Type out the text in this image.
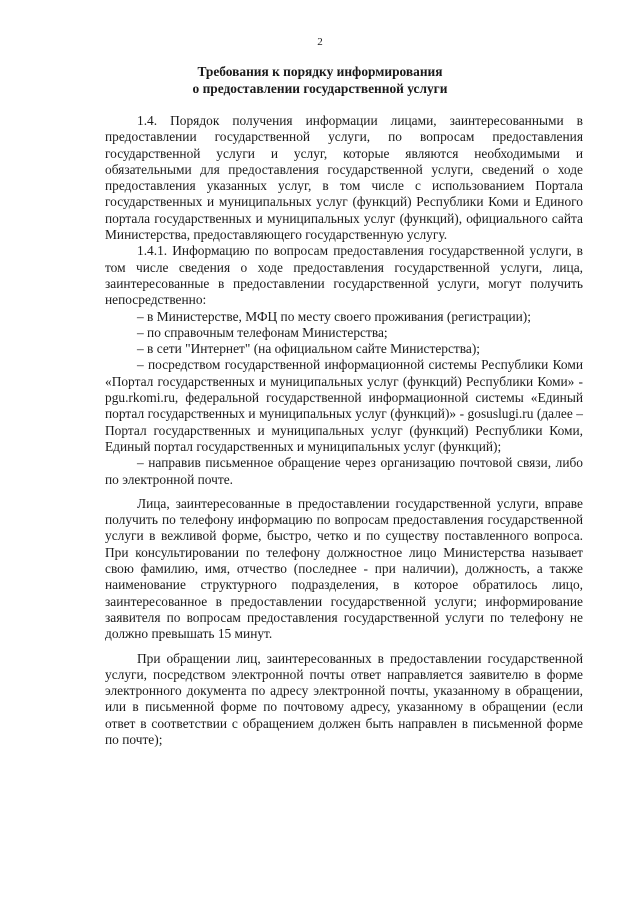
2
Требования к порядку информирования
о предоставлении государственной услуги

1.4. Порядок получения информации лицами, заинтересованными в предоставлении государственной услуги, по вопросам предоставления государственной услуги и услуг, которые являются необходимыми и обязательными для предоставления государственной услуги, сведений о ходе предоставления указанных услуг, в том числе с использованием Портала государственных и муниципальных услуг (функций) Республики Коми и Единого портала государственных и муниципальных услуг (функций), официального сайта Министерства, предоставляющего государственную услугу.

1.4.1. Информацию по вопросам предоставления государственной услуги, в том числе сведения о ходе предоставления государственной услуги, лица, заинтересованные в предоставлении государственной услуги, могут получить непосредственно:

– в Министерстве, МФЦ по месту своего проживания (регистрации);

– по справочным телефонам Министерства;

– в сети "Интернет" (на официальном сайте Министерства);

– посредством государственной информационной системы Республики Коми «Портал государственных и муниципальных услуг (функций) Республики Коми» - pgu.rkomi.ru, федеральной государственной информационной системы «Единый портал государственных и муниципальных услуг (функций)» - gosuslugi.ru (далее – Портал государственных и муниципальных услуг (функций) Республики Коми, Единый портал государственных и муниципальных услуг (функций);

– направив письменное обращение через организацию почтовой связи, либо по электронной почте.

Лица, заинтересованные в предоставлении государственной услуги, вправе получить по телефону информацию по вопросам предоставления государственной услуги в вежливой форме, быстро, четко и по существу поставленного вопроса. При консультировании по телефону должностное лицо Министерства называет свою фамилию, имя, отчество (последнее - при наличии), должность, а также наименование структурного подразделения, в которое обратилось лицо, заинтересованное в предоставлении государственной услуги; информирование заявителя по вопросам предоставления государственной услуги по телефону не должно превышать 15 минут.

При обращении лиц, заинтересованных в предоставлении государственной услуги, посредством электронной почты ответ направляется заявителю в форме электронного документа по адресу электронной почты, указанному в обращении, или в письменной форме по почтовому адресу, указанному в обращении (если ответ в соответствии с обращением должен быть направлен в письменной форме по почте);
